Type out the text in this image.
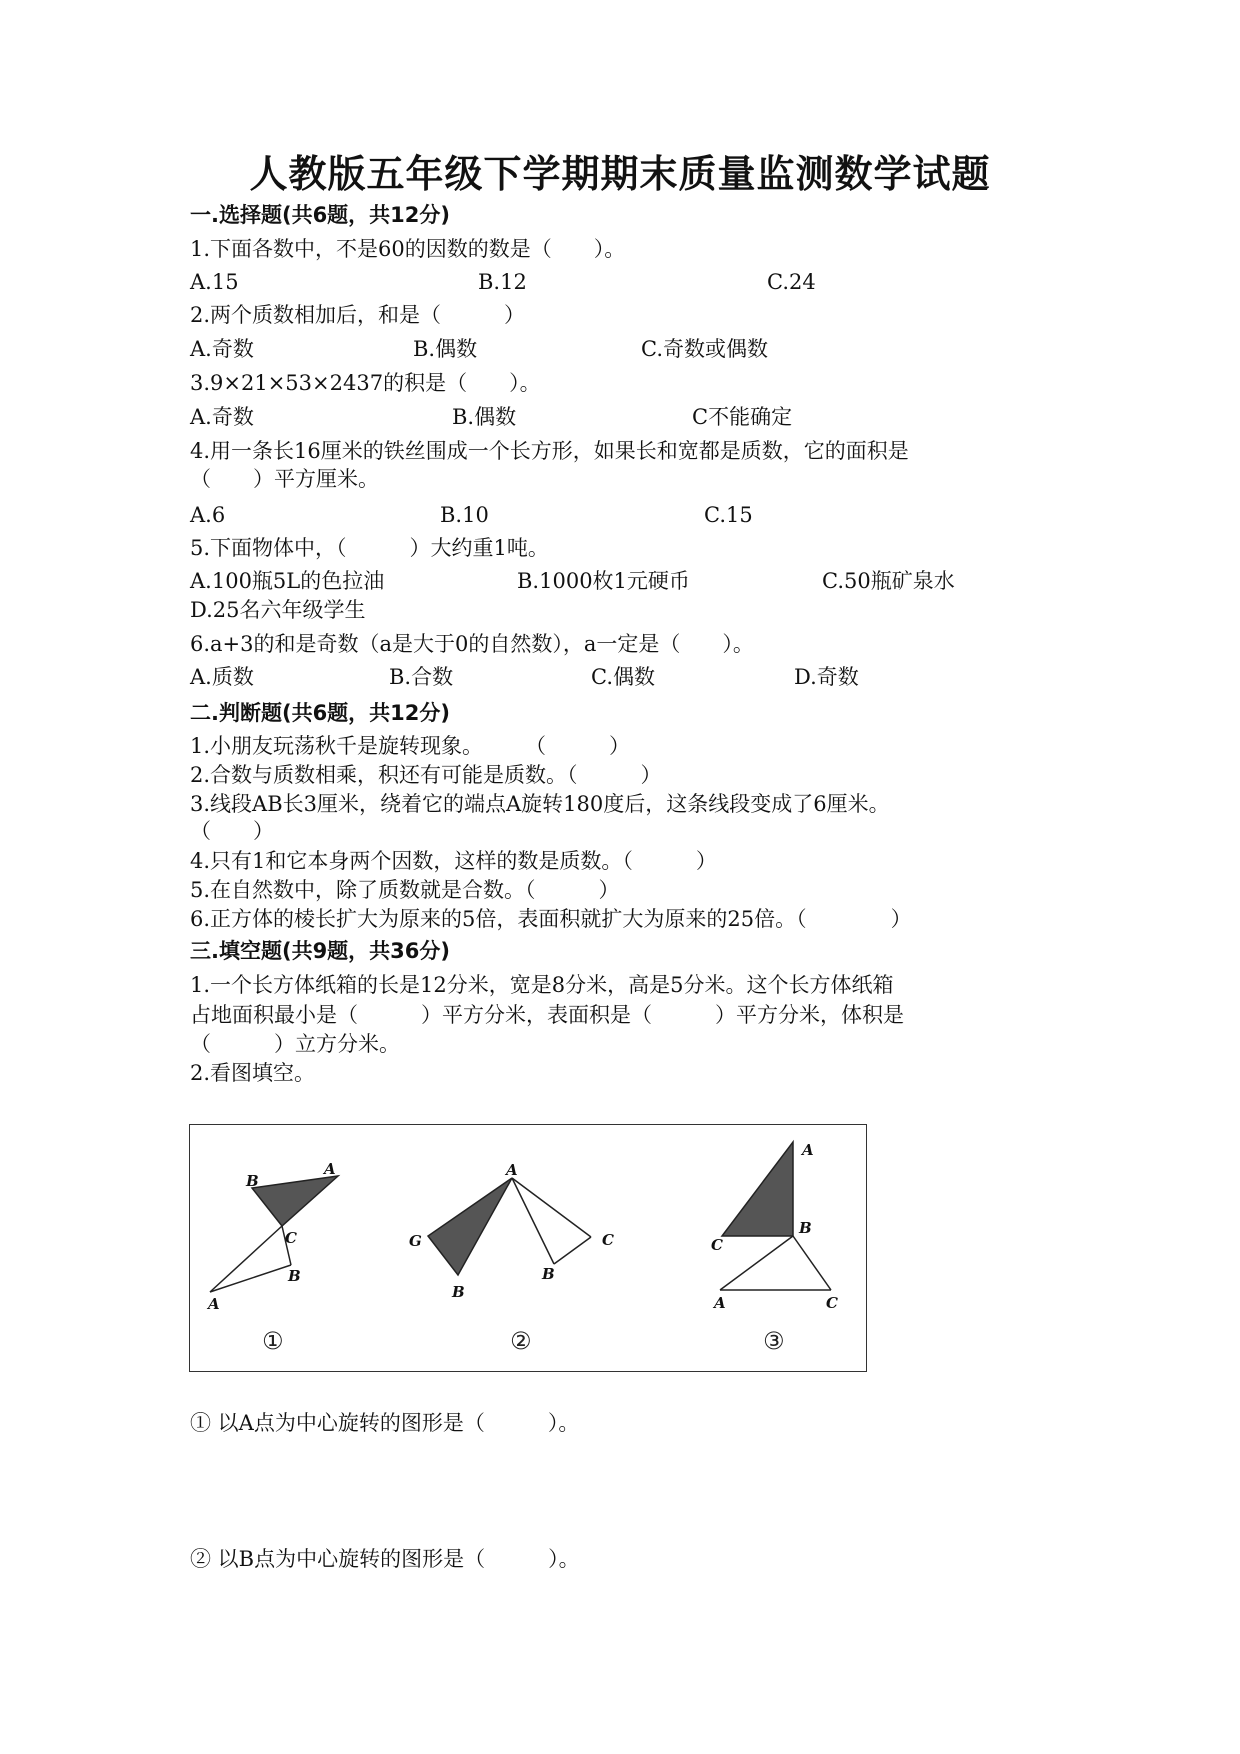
人教版五年级下学期期末质量监测数学试题
一.选择题(共6题，共12分)
1.下面各数中，不是60的因数的数是（　　）。
A.15	B.12	C.24
2.两个质数相加后，和是（　　　）
A.奇数	B.偶数	C.奇数或偶数
3.9×21×53×2437的积是（　　）。
A.奇数	B.偶数	C不能确定
4.用一条长16厘米的铁丝围成一个长方形，如果长和宽都是质数，它的面积是
（　　）平方厘米。
A.6	B.10	C.15
5.下面物体中，（　　　）大约重1吨。
A.100瓶5L的色拉油	B.1000枚1元硬币	C.50瓶矿泉水
D.25名六年级学生
6.a+3的和是奇数（a是大于0的自然数），a一定是（　　）。
A.质数	B.合数	C.偶数	D.奇数
二.判断题(共6题，共12分)
1.小朋友玩荡秋千是旋转现象。　　　（　　　）
2.合数与质数相乘，积还有可能是质数。（　　　）
3.线段AB长3厘米，绕着它的端点A旋转180度后，这条线段变成了6厘米。
（　　）
4.只有1和它本身两个因数，这样的数是质数。（　　　）
5.在自然数中，除了质数就是合数。（　　　）
6.正方体的棱长扩大为原来的5倍，表面积就扩大为原来的25倍。（　　　　）
三.填空题(共9题，共36分)
1.一个长方体纸箱的长是12分米，宽是8分米，高是5分米。这个长方体纸箱
占地面积最小是（　　　）平方分米，表面积是（　　　）平方分米，体积是
（　　　）立方分米。
2.看图填空。
B
A
C
A
B
①
A
G	C
B
B
②
A
B
C
A	C
③
① 以A点为中心旋转的图形是（　　　）。
② 以B点为中心旋转的图形是（　　　）。
